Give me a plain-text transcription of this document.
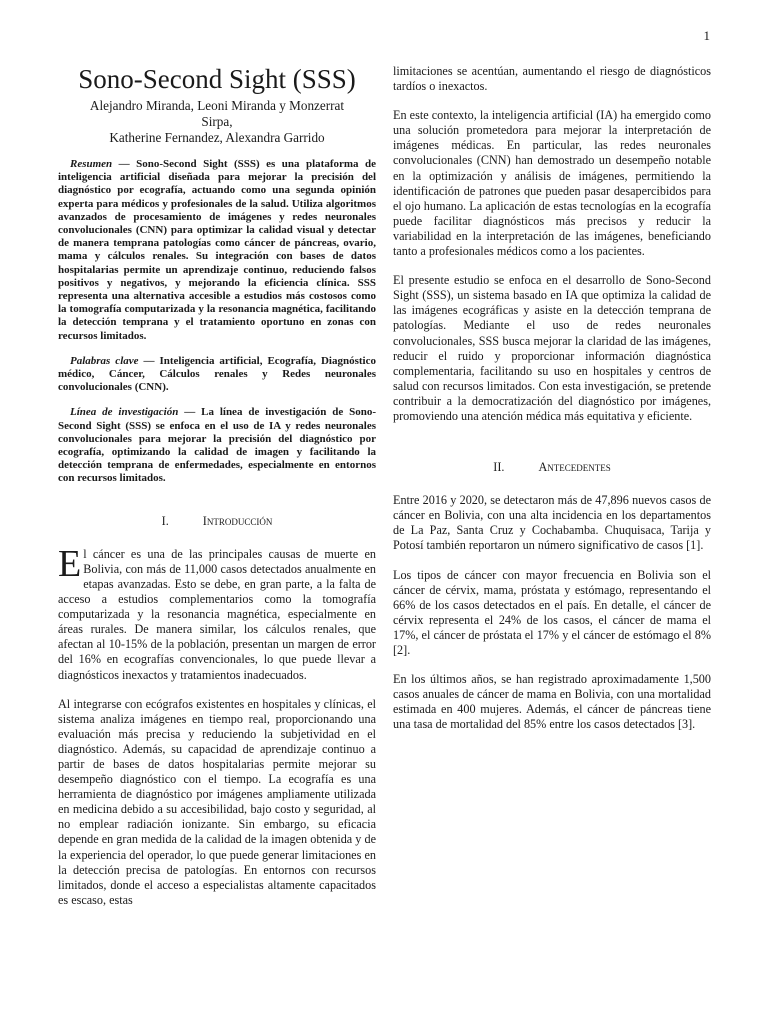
1
Sono-Second Sight (SSS)
Alejandro Miranda, Leoni Miranda y Monzerrat
Sirpa,
Katherine Fernandez, Alexandra Garrido

Resumen — Sono-Second Sight (SSS) es una plataforma de inteligencia artificial diseñada para mejorar la precisión del diagnóstico por ecografía, actuando como una segunda opinión experta para médicos y profesionales de la salud. Utiliza algoritmos avanzados de procesamiento de imágenes y redes neuronales convolucionales (CNN) para optimizar la calidad visual y detectar de manera temprana patologías como cáncer de páncreas, ovario, mama y cálculos renales. Su integración con bases de datos hospitalarias permite un aprendizaje continuo, reduciendo falsos positivos y negativos, y mejorando la eficiencia clínica. SSS representa una alternativa accesible a estudios más costosos como la tomografía computarizada y la resonancia magnética, facilitando la detección temprana y el tratamiento oportuno en zonas con recursos limitados.

Palabras clave — Inteligencia artificial, Ecografía, Diagnóstico médico, Cáncer, Cálculos renales y Redes neuronales convolucionales (CNN).

Línea de investigación — La línea de investigación de Sono-Second Sight (SSS) se enfoca en el uso de IA y redes neuronales convolucionales para mejorar la precisión del diagnóstico por ecografía, optimizando la calidad de imagen y facilitando la detección temprana de enfermedades, especialmente en entornos con recursos limitados.

I.	Introducción

El cáncer es una de las principales causas de muerte en Bolivia, con más de 11,000 casos detectados anualmente en etapas avanzadas. Esto se debe, en gran parte, a la falta de acceso a estudios complementarios como la tomografía computarizada y la resonancia magnética, especialmente en áreas rurales. De manera similar, los cálculos renales, que afectan al 10-15% de la población, presentan un margen de error del 16% en ecografías convencionales, lo que puede llevar a diagnósticos inexactos y tratamientos inadecuados.

Al integrarse con ecógrafos existentes en hospitales y clínicas, el sistema analiza imágenes en tiempo real, proporcionando una evaluación más precisa y reduciendo la subjetividad en el diagnóstico. Además, su capacidad de aprendizaje continuo a partir de bases de datos hospitalarias permite mejorar su desempeño diagnóstico con el tiempo. La ecografía es una herramienta de diagnóstico por imágenes ampliamente utilizada en medicina debido a su accesibilidad, bajo costo y seguridad, al no emplear radiación ionizante. Sin embargo, su eficacia depende en gran medida de la calidad de la imagen obtenida y de la experiencia del operador, lo que puede generar limitaciones en la detección precisa de patologías. En entornos con recursos limitados, donde el acceso a especialistas altamente capacitados es escaso, estas

limitaciones se acentúan, aumentando el riesgo de diagnósticos tardíos o inexactos.

En este contexto, la inteligencia artificial (IA) ha emergido como una solución prometedora para mejorar la interpretación de imágenes médicas. En particular, las redes neuronales convolucionales (CNN) han demostrado un desempeño notable en la optimización y análisis de imágenes, permitiendo la identificación de patrones que pueden pasar desapercibidos para el ojo humano. La aplicación de estas tecnologías en la ecografía puede facilitar diagnósticos más precisos y reducir la variabilidad en la interpretación de las imágenes, beneficiando tanto a profesionales médicos como a los pacientes.

El presente estudio se enfoca en el desarrollo de Sono-Second Sight (SSS), un sistema basado en IA que optimiza la calidad de las imágenes ecográficas y asiste en la detección temprana de patologías. Mediante el uso de redes neuronales convolucionales, SSS busca mejorar la claridad de las imágenes, reducir el ruido y proporcionar información diagnóstica complementaria, facilitando su uso en hospitales y centros de salud con recursos limitados. Con esta investigación, se pretende contribuir a la democratización del diagnóstico por imágenes, promoviendo una atención médica más equitativa y eficiente.

II.	Antecedentes

Entre 2016 y 2020, se detectaron más de 47,896 nuevos casos de cáncer en Bolivia, con una alta incidencia en los departamentos de La Paz, Santa Cruz y Cochabamba. Chuquisaca, Tarija y Potosí también reportaron un número significativo de casos [1].

Los tipos de cáncer con mayor frecuencia en Bolivia son el cáncer de cérvix, mama, próstata y estómago, representando el 66% de los casos detectados en el país. En detalle, el cáncer de cérvix representa el 24% de los casos, el cáncer de mama el 17%, el cáncer de próstata el 17% y el cáncer de estómago el 8% [2].

En los últimos años, se han registrado aproximadamente 1,500 casos anuales de cáncer de mama en Bolivia, con una mortalidad estimada en 400 mujeres. Además, el cáncer de páncreas tiene una tasa de mortalidad del 85% entre los casos detectados [3].
